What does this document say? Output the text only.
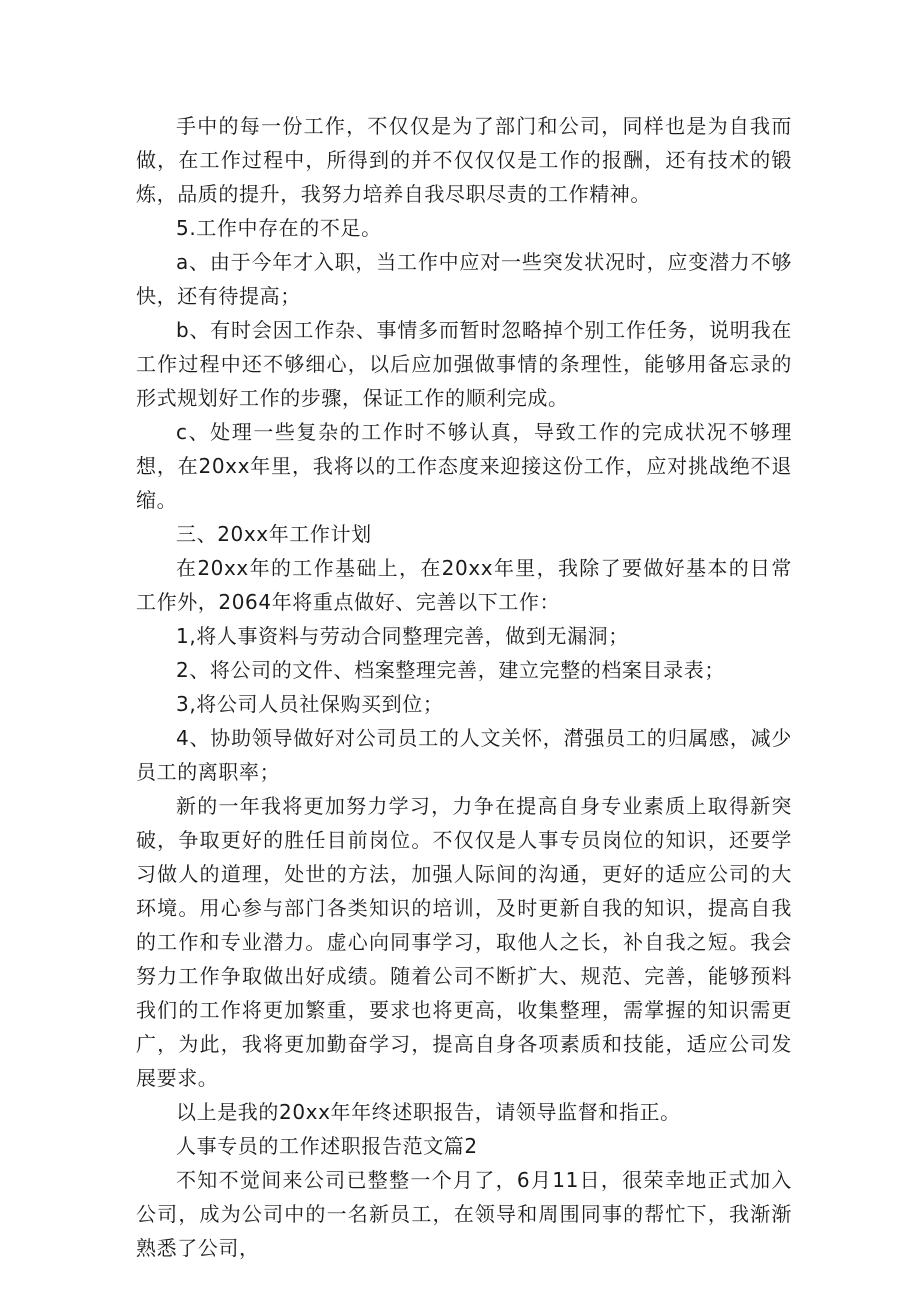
手中的每一份工作，不仅仅是为了部门和公司，同样也是为自我而做，在工作过程中，所得到的并不仅仅仅是工作的报酬，还有技术的锻炼，品质的提升，我努力培养自我尽职尽责的工作精神。

5.工作中存在的不足。

a、由于今年才入职，当工作中应对一些突发状况时，应变潜力不够快，还有待提高；

b、有时会因工作杂、事情多而暂时忽略掉个别工作任务，说明我在工作过程中还不够细心，以后应加强做事情的条理性，能够用备忘录的形式规划好工作的步骤，保证工作的顺利完成。

c、处理一些复杂的工作时不够认真，导致工作的完成状况不够理想，在20xx年里，我将以的工作态度来迎接这份工作，应对挑战绝不退缩。

三、20xx年工作计划

在20xx年的工作基础上，在20xx年里，我除了要做好基本的日常工作外，2064年将重点做好、完善以下工作：

1,将人事资料与劳动合同整理完善，做到无漏洞；

2、将公司的文件、档案整理完善，建立完整的档案目录表；

3,将公司人员社保购买到位；

4、协助领导做好对公司员工的人文关怀，潸强员工的归属感，减少员工的离职率；

新的一年我将更加努力学习，力争在提高自身专业素质上取得新突破，争取更好的胜任目前岗位。不仅仅是人事专员岗位的知识，还要学习做人的道理，处世的方法，加强人际间的沟通，更好的适应公司的大环境。用心参与部门各类知识的培训，及时更新自我的知识，提高自我的工作和专业潜力。虚心向同事学习，取他人之长，补自我之短。我会努力工作争取做出好成绩。随着公司不断扩大、规范、完善，能够预料我们的工作将更加繁重，要求也将更高，收集整理，需掌握的知识需更广，为此，我将更加勤奋学习，提高自身各项素质和技能，适应公司发展要求。

以上是我的20xx年年终述职报告，请领导监督和指正。

人事专员的工作述职报告范文篇2

不知不觉间来公司已整整一个月了，6月11日，很荣幸地正式加入公司，成为公司中的一名新员工，在领导和周围同事的帮忙下，我渐渐熟悉了公司，
